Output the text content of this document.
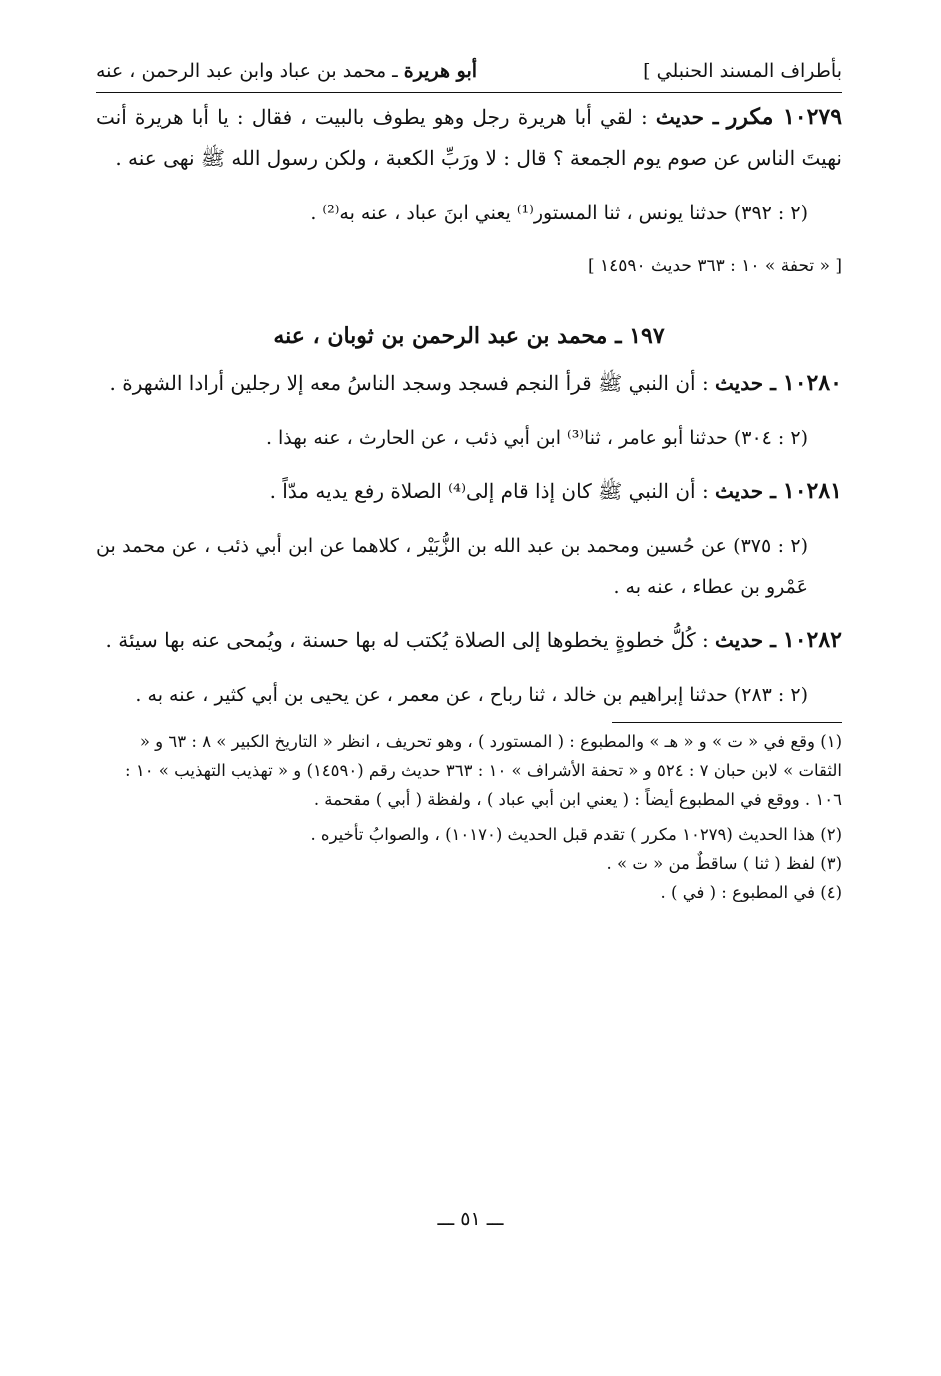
بأطراف المسند الحنبلي ]
أبو هريرة ـ محمد بن عباد وابن عبد الرحمن ، عنه

١٠٢٧٩ مكرر ـ حديث : لقي أبا هريرة رجل وهو يطوف بالبيت ، فقال : يا أبا هريرة أنت نهيتَ الناس عن صوم يوم الجمعة ؟ قال : لا ورَبِّ الكعبة ، ولكن رسول الله ﷺ نهى عنه .

(٢ : ٣٩٢) حدثنا يونس ، ثنا المستور⁽¹⁾ يعني ابنَ عباد ، عنه به⁽²⁾ .

[ « تحفة » ١٠ : ٣٦٣ حديث ١٤٥٩٠ ]

١٩٧ ـ محمد بن عبد الرحمن بن ثوبان ، عنه

١٠٢٨٠ ـ حديث : أن النبي ﷺ قرأ النجم فسجد وسجد الناسُ معه إلا رجلين أرادا الشهرة .

(٢ : ٣٠٤) حدثنا أبو عامر ، ثنا⁽³⁾ ابن أبي ذئب ، عن الحارث ، عنه بهذا .

١٠٢٨١ ـ حديث : أن النبي ﷺ كان إذا قام إلى⁽⁴⁾ الصلاة رفع يديه مدّاً .

(٢ : ٣٧٥) عن حُسين ومحمد بن عبد الله بن الزُّبَيْر ، كلاهما عن ابن أبي ذئب ، عن محمد بن عَمْرو بن عطاء ، عنه به .

١٠٢٨٢ ـ حديث : كُلُّ خطوةٍ يخطوها إلى الصلاة يُكتب له بها حسنة ، ويُمحى عنه بها سيئة .

(٢ : ٢٨٣) حدثنا إبراهيم بن خالد ، ثنا رباح ، عن معمر ، عن يحيى بن أبي كثير ، عنه به .

(١) وقع في « ت » و « هـ » والمطبوع : ( المستورد ) ، وهو تحريف ، انظر « التاريخ الكبير » ٨ : ٦٣ و « الثقات » لابن حبان ٧ : ٥٢٤ و « تحفة الأشراف » ١٠ : ٣٦٣ حديث رقم (١٤٥٩٠) و « تهذيب التهذيب » ١٠ : ١٠٦ . ووقع في المطبوع أيضاً : ( يعني ابن أبي عباد ) ، ولفظة ( أبي ) مقحمة .

(٢) هذا الحديث (١٠٢٧٩ مكرر ) تقدم قبل الحديث (١٠١٧٠) ، والصوابُ تأخيره .

(٣) لفظ ( ثنا ) ساقطٌ من « ت » .

(٤) في المطبوع : ( في ) .

ـــ ٥١ ـــ
